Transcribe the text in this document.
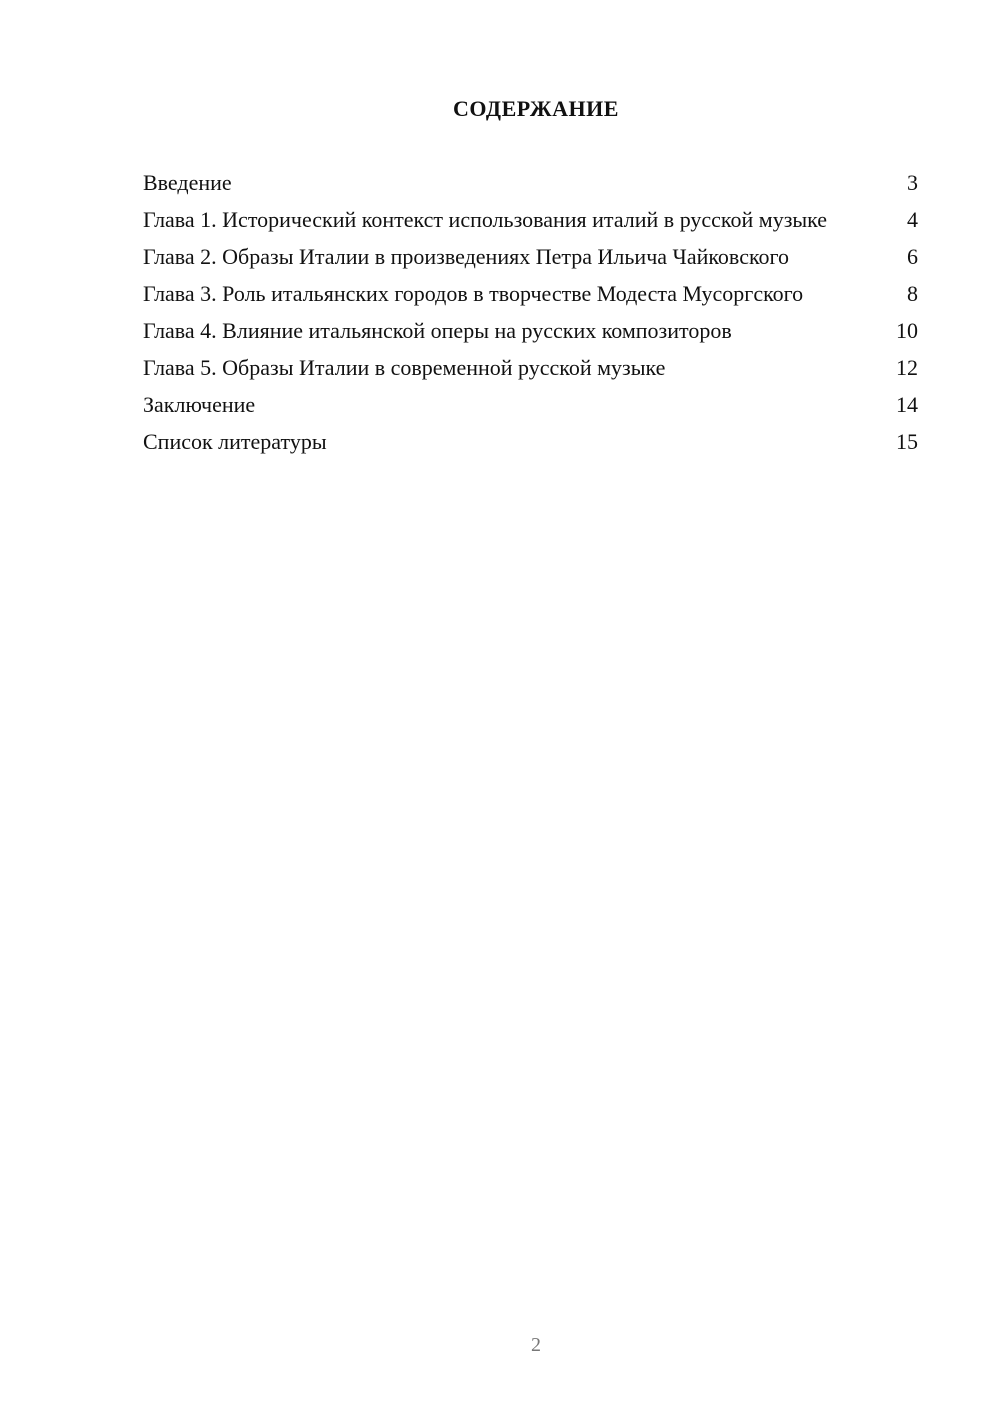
СОДЕРЖАНИЕ
Введение	3
Глава 1. Исторический контекст использования италий в русской музыке	4
Глава 2. Образы Италии в произведениях Петра Ильича Чайковского	6
Глава 3. Роль итальянских городов в творчестве Модеста Мусоргского	8
Глава 4. Влияние итальянской оперы на русских композиторов	10
Глава 5. Образы Италии в современной русской музыке	12
Заключение	14
Список литературы	15
2
